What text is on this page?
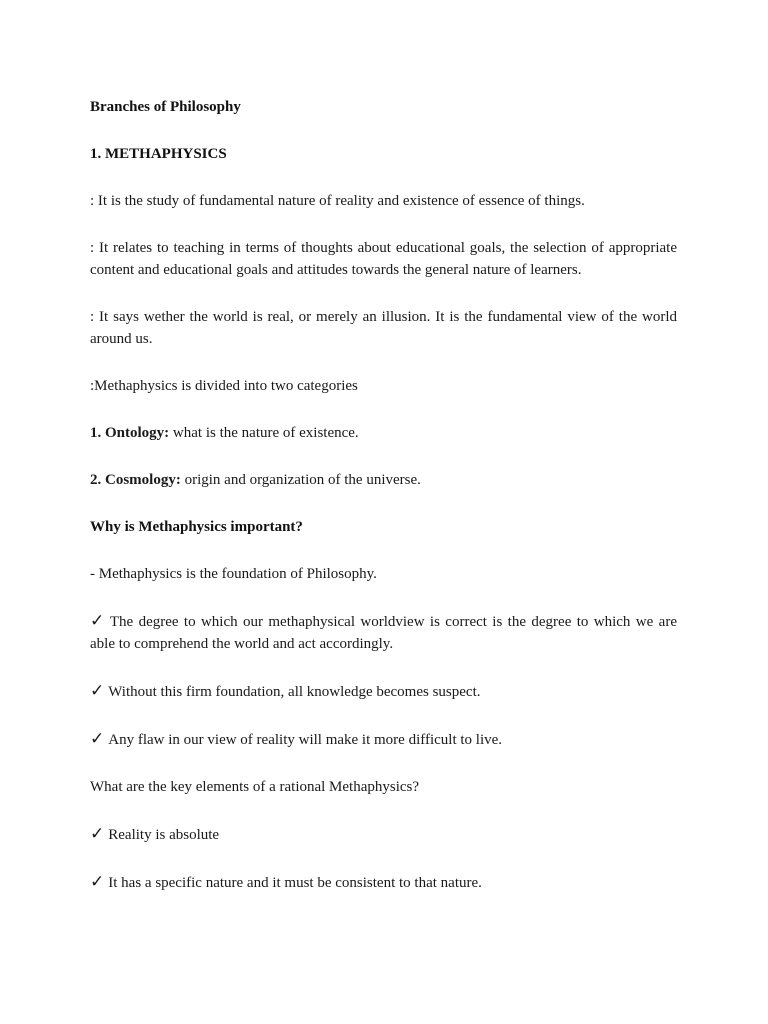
Branches of Philosophy

1. METHAPHYSICS

: It is the study of fundamental nature of reality and existence of essence of things.

: It relates to teaching in terms of thoughts about educational goals, the selection of appropriate content and educational goals and attitudes towards the general nature of learners.

: It says wether the world is real, or merely an illusion. It is the fundamental view of the world around us.

:Methaphysics is divided into two categories

1. Ontology: what is the nature of existence.

2. Cosmology: origin and organization of the universe.

Why is Methaphysics important?

- Methaphysics is the foundation of Philosophy.

✓ The degree to which our methaphysical worldview is correct is the degree to which we are able to comprehend the world and act accordingly.

✓ Without this firm foundation, all knowledge becomes suspect.

✓ Any flaw in our view of reality will make it more difficult to live.

What are the key elements of a rational Methaphysics?

✓ Reality is absolute

✓ It has a specific nature and it must be consistent to that nature.
